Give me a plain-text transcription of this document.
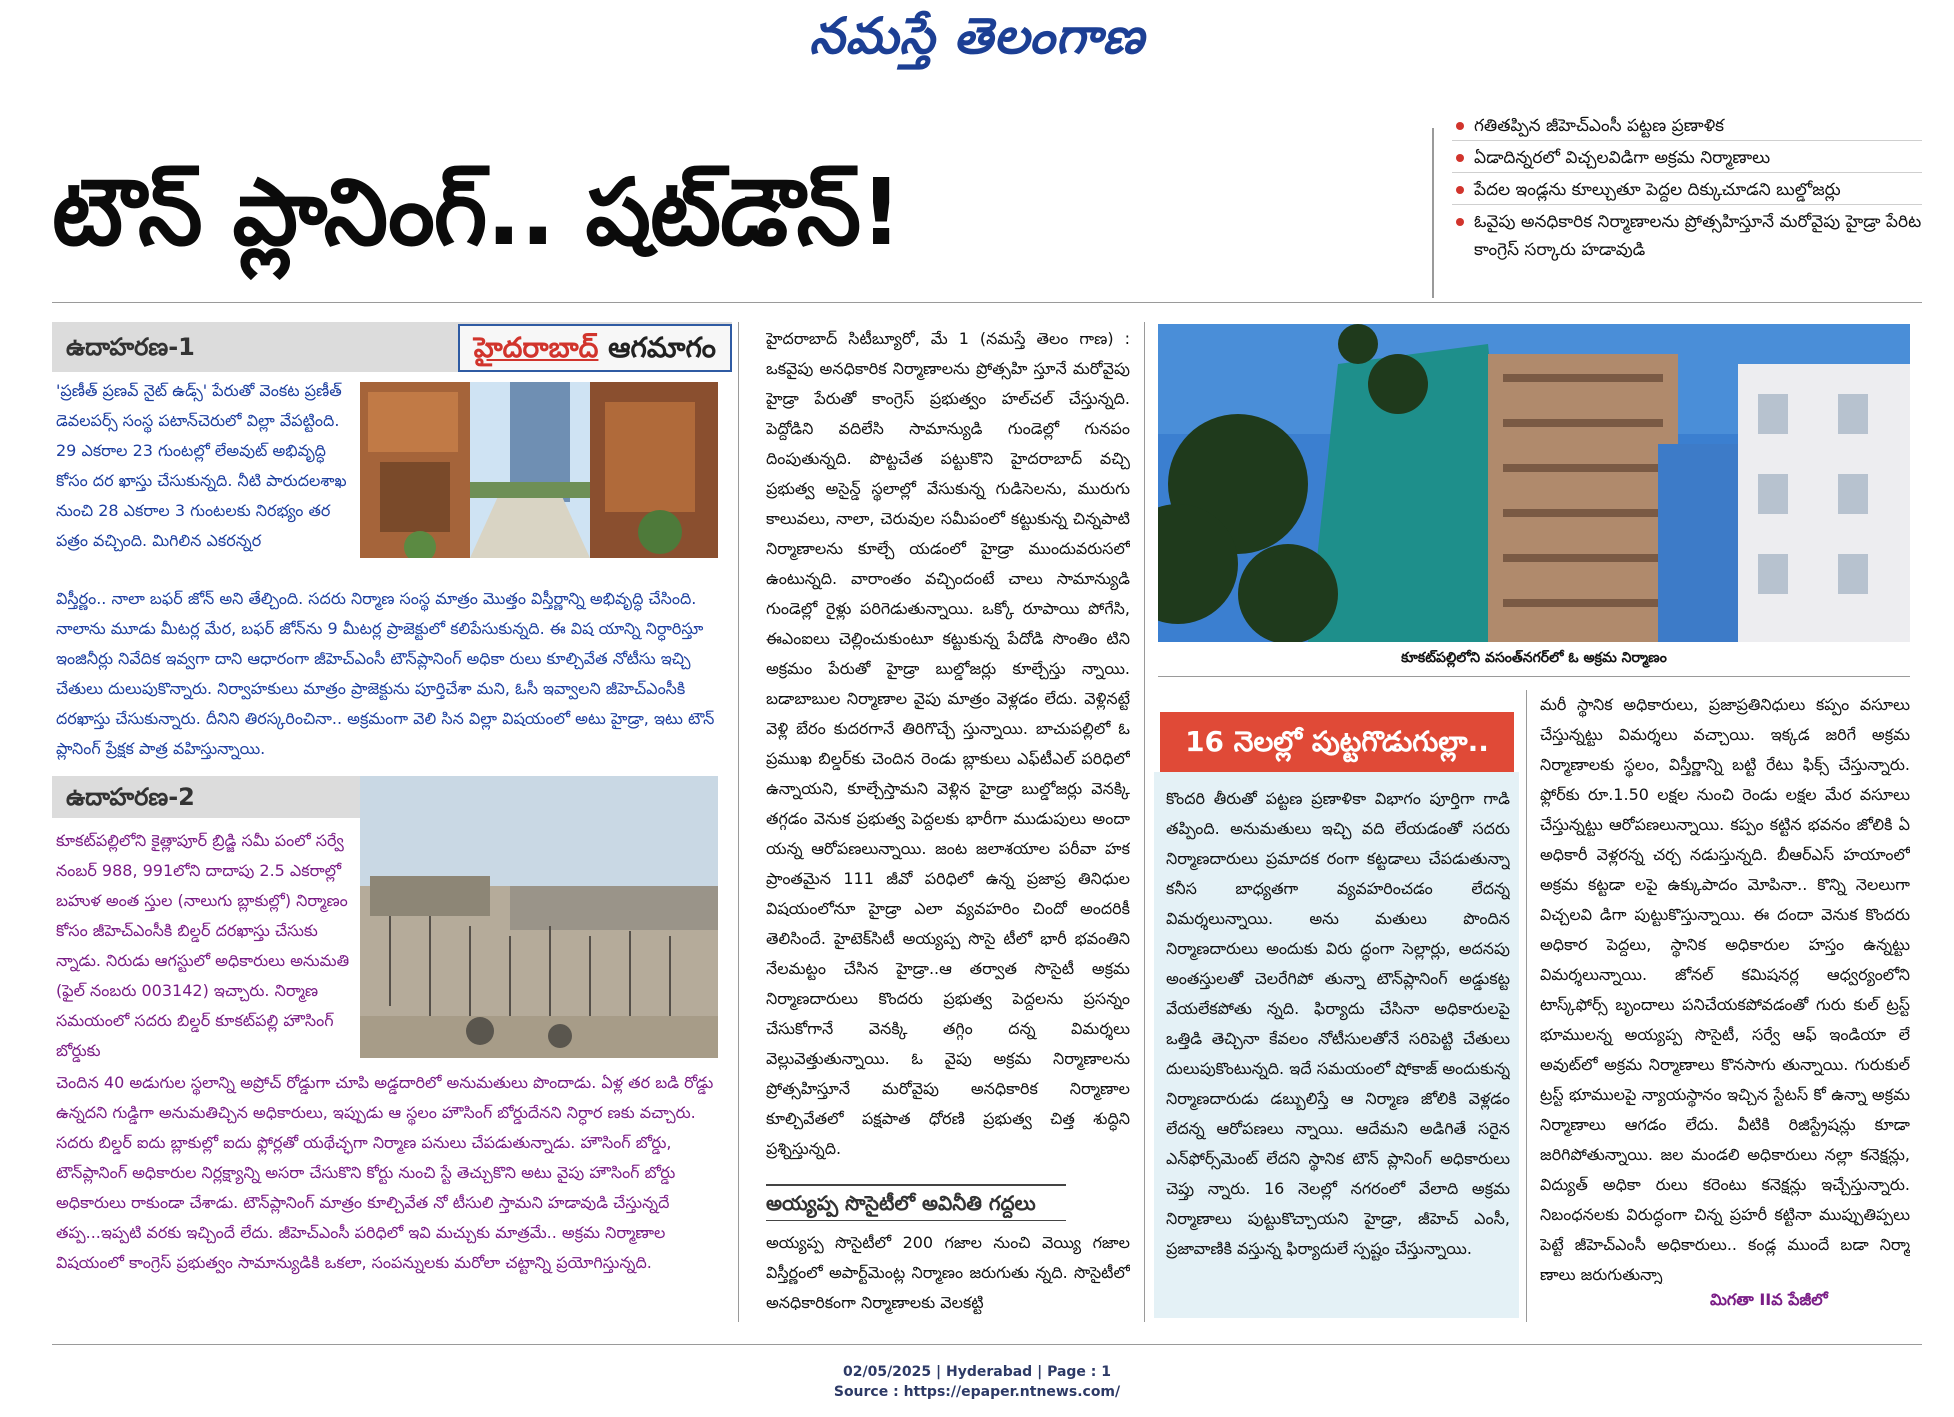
నమస్తే తెలంగాణ
టౌన్ ప్లానింగ్.. షట్‌డౌన్!
గతితప్పిన జీహెచ్ఎంసీ పట్టణ ప్రణాళిక
ఏడాదిన్నరలో విచ్చలవిడిగా అక్రమ నిర్మాణాలు
పేదల ఇండ్లను కూల్చుతూ పెద్దల దిక్కుచూడని బుల్డోజర్లు
ఓవైపు అనధికారిక నిర్మాణాలను ప్రోత్సహిస్తూనే మరోవైపు హైడ్రా పేరిట కాంగ్రెస్ సర్కారు హడావుడి
ఉదాహరణ-1	హైదరాబాద్ ఆగమాగం
'ప్రణీత్ ప్రణవ్ నైట్ ఉడ్స్' పేరుతో వెంకట ప్రణీత్ డెవలపర్స్ సంస్థ పటాన్‌చెరులో విల్లా వేపట్టింది. 29 ఎకరాల 23 గుంటల్లో లేఅవుట్ అభివృద్ధి కోసం దర ఖాస్తు చేసుకున్నది. నీటి పారుదలశాఖ నుంచి 28 ఎకరాల 3 గుంటలకు నిరభ్యం తర పత్రం వచ్చింది. మిగిలిన ఎకరన్నర
విస్తీర్ణం.. నాలా బఫర్ జోన్ అని తేల్చింది. సదరు నిర్మాణ సంస్థ మాత్రం మొత్తం విస్తీర్ణాన్ని అభివృద్ధి చేసింది. నాలాను మూడు మీటర్ల మేర, బఫర్ జోన్‌ను 9 మీటర్ల ప్రాజెక్టులో కలిపేసుకున్నది. ఈ విష యాన్ని నిర్ధారిస్తూ ఇంజినీర్లు నివేదిక ఇవ్వగా దాని ఆధారంగా జీహెచ్ఎంసీ టౌన్‌ప్లానింగ్ అధికా రులు కూల్చివేత నోటీసు ఇచ్చి చేతులు దులుపుకొన్నారు. నిర్వాహకులు మాత్రం ప్రాజెక్టును పూర్తిచేశా మని, ఓసీ ఇవ్వాలని జీహెచ్ఎంసీకి దరఖాస్తు చేసుకున్నారు. దీనిని తిరస్కరించినా.. అక్రమంగా వెలి సిన విల్లా విషయంలో అటు హైడ్రా, ఇటు టౌన్ ప్లానింగ్ ప్రేక్షక పాత్ర వహిస్తున్నాయి.
ఉదాహరణ-2
కూకట్‌పల్లిలోని కైత్లాపూర్ బ్రిడ్జి సమీ పంలో సర్వే నంబర్ 988, 991లోని దాదాపు 2.5 ఎకరాల్లో బహుళ అంత స్తుల (నాలుగు బ్లాకుల్లో) నిర్మాణం కోసం జీహెచ్ఎంసీకి బిల్డర్ దరఖాస్తు చేసుకు న్నాడు. నిరుడు ఆగస్టులో అధికారులు అనుమతి (ఫైల్ నంబరు 003142) ఇచ్చారు. నిర్మాణ సమయంలో సదరు బిల్డర్ కూకట్‌పల్లి హౌసింగ్ బోర్డుకు
చెందిన 40 అడుగుల స్థలాన్ని అప్రోచ్ రోడ్డుగా చూపి అడ్డదారిలో అనుమతులు పొందాడు. ఏళ్ల తర బడి రోడ్డు ఉన్నదని గుడ్డిగా అనుమతిచ్చిన అధికారులు, ఇప్పుడు ఆ స్థలం హౌసింగ్ బోర్డుదేనని నిర్ధార ణకు వచ్చారు. సదరు బిల్డర్ ఐదు బ్లాకుల్లో ఐదు ఫ్లోర్లతో యథేచ్ఛగా నిర్మాణ పనులు చేపడుతున్నాడు. హౌసింగ్ బోర్డు, టౌన్‌ప్లానింగ్ అధికారుల నిర్లక్ష్యాన్ని అసరా చేసుకొని కోర్టు నుంచి స్టే తెచ్చుకొని అటు వైపు హౌసింగ్ బోర్డు అధికారులు రాకుండా చేశాడు. టౌన్‌ప్లానింగ్ మాత్రం కూల్చివేత నో టీసులి స్తామని హడావుడి చేస్తున్నదే తప్ప...ఇప్పటి వరకు ఇచ్చిందే లేదు. జీహెచ్ఎంసీ పరిధిలో ఇవి మచ్చుకు మాత్రమే.. అక్రమ నిర్మాణాల విషయంలో కాంగ్రెస్ ప్రభుత్వం సామాన్యుడికి ఒకలా, సంపన్నులకు మరోలా చట్టాన్ని ప్రయోగిస్తున్నది.
హైదరాబాద్ సిటీబ్యూరో, మే 1 (నమస్తే తెలం గాణ) : ఒకవైపు అనధికారిక నిర్మాణాలను ప్రోత్సహి స్తూనే మరోవైపు హైడ్రా పేరుతో కాంగ్రెస్ ప్రభుత్వం హల్‌చల్ చేస్తున్నది. పెద్దోడిని వదిలేసి సామాన్యుడి గుండెల్లో గునపం దింపుతున్నది. పొట్టచేత పట్టుకొని హైదరాబాద్ వచ్చి ప్రభుత్వ అసైన్డ్ స్థలాల్లో వేసుకున్న గుడిసెలను, మురుగు కాలువలు, నాలా, చెరువుల సమీపంలో కట్టుకున్న చిన్నపాటి నిర్మాణాలను కూల్చే యడంలో హైడ్రా ముందువరుసలో ఉంటున్నది. వారాంతం వచ్చిందంటే చాలు సామాన్యుడి గుండెల్లో రైళ్లు పరిగెడుతున్నాయి. ఒక్కో రూపాయి పోగేసి, ఈఎంఐలు చెల్లించుకుంటూ కట్టుకున్న పేదోడి సొంతిం టిని అక్రమం పేరుతో హైడ్రా బుల్డోజర్లు కూల్చేస్తు న్నాయి. బడాబాబుల నిర్మాణాల వైపు మాత్రం వెళ్లడం లేదు. వెళ్లినట్టే వెళ్లి బేరం కుదరగానే తిరిగొచ్చే స్తున్నాయి. బాచుపల్లిలో ఓ ప్రముఖ బిల్డర్‌కు చెందిన రెండు బ్లాకులు ఎఫ్‌టీఎల్ పరిధిలో ఉన్నాయని, కూల్చేస్తామని వెళ్లిన హైడ్రా బుల్డోజర్లు వెనక్కి తగ్గడం వెనుక ప్రభుత్వ పెద్దలకు భారీగా ముడుపులు అందా యన్న ఆరోపణలున్నాయి. జంట జలాశయాల పరీవా హక ప్రాంతమైన 111 జీవో పరిధిలో ఉన్న ప్రజాప్ర తినిధుల విషయంలోనూ హైడ్రా ఎలా వ్యవహరిం చిందో అందరికీ తెలిసిందే. హైటెక్‌సిటీ అయ్యప్ప సొసై టీలో భారీ భవంతిని నేలమట్టం చేసిన హైడ్రా..ఆ తర్వాత సొసైటీ అక్రమ నిర్మాణదారులు కొందరు ప్రభుత్వ పెద్దలను ప్రసన్నం చేసుకోగానే వెనక్కి తగ్గిం దన్న విమర్శలు వెల్లువెత్తుతున్నాయి. ఓ వైపు అక్రమ నిర్మాణాలను ప్రోత్సహిస్తూనే మరోవైపు అనధికారిక నిర్మాణాల కూల్చివేతలో పక్షపాత ధోరణి ప్రభుత్వ చిత్త శుద్ధిని ప్రశ్నిస్తున్నది.
అయ్యప్ప సొసైటీలో అవినీతి గద్దలు
అయ్యప్ప సొసైటీలో 200 గజాల నుంచి వెయ్యి గజాల విస్తీర్ణంలో అపార్ట్‌మెంట్ల నిర్మాణం జరుగుతు న్నది. సొసైటీలో అనధికారికంగా నిర్మాణాలకు వెలకట్టి
కూకట్‌పల్లిలోని వసంత్‌నగర్‌లో ఓ అక్రమ నిర్మాణం
16 నెలల్లో పుట్టగొడుగుల్లా..
కొందరి తీరుతో పట్టణ ప్రణాళికా విభాగం పూర్తిగా గాడి తప్పింది. అనుమతులు ఇచ్చి వది లేయడంతో సదరు నిర్మాణదారులు ప్రమాదక రంగా కట్టడాలు చేపడుతున్నా కనీస బాధ్యతగా వ్యవహరించడం లేదన్న విమర్శలున్నాయి. అను మతులు పొందిన నిర్మాణదారులు అందుకు విరు ద్ధంగా సెల్లార్లు, అదనపు అంతస్తులతో చెలరేగిపో తున్నా టౌన్‌ప్లానింగ్ అడ్డుకట్ట వేయలేకపోతు న్నది. ఫిర్యాదు చేసినా అధికారులపై ఒత్తిడి తెచ్చినా కేవలం నోటీసులతోనే సరిపెట్టి చేతులు దులుపుకొంటున్నది. ఇదే సమయంలో షోకాజ్ అందుకున్న నిర్మాణదారుడు డబ్బులిస్తే ఆ నిర్మాణ జోలికి వెళ్లడం లేదన్న ఆరోపణలు న్నాయి. ఆదేమని అడిగితే సరైన ఎన్‌ఫోర్స్‌మెంట్ లేదని స్థానిక టౌన్ ప్లానింగ్ అధికారులు చెప్తు న్నారు. 16 నెలల్లో నగరంలో వేలాది అక్రమ నిర్మాణాలు పుట్టుకొచ్చాయని హైడ్రా, జీహెచ్ ఎంసీ, ప్రజావాణికి వస్తున్న ఫిర్యాదులే స్పష్టం చేస్తున్నాయి.
మరీ స్థానిక అధికారులు, ప్రజాప్రతినిధులు కప్పం వసూలు చేస్తున్నట్టు విమర్శలు వచ్చాయి. ఇక్కడ జరిగే అక్రమ నిర్మాణాలకు స్థలం, విస్తీర్ణాన్ని బట్టి రేటు ఫిక్స్ చేస్తున్నారు. ఫ్లోర్‌కు రూ.1.50 లక్షల నుంచి రెండు లక్షల మేర వసూలు చేస్తున్నట్టు ఆరోపణలున్నాయి. కప్పం కట్టిన భవనం జోలికి ఏ అధికారీ వెళ్లరన్న చర్చ నడుస్తున్నది. బీఆర్ఎస్ హయాంలో అక్రమ కట్టడా లపై ఉక్కుపాదం మోపినా.. కొన్ని నెలలుగా విచ్చలవి డిగా పుట్టుకొస్తున్నాయి. ఈ దందా వెనుక కొందరు అధికార పెద్దలు, స్థానిక అధికారుల హస్తం ఉన్నట్టు విమర్శలున్నాయి. జోనల్ కమిషనర్ల ఆధ్వర్యంలోని టాస్క్‌ఫోర్స్ బృందాలు పనిచేయకపోవడంతో గురు కుల్ ట్రస్ట్ భూములన్న అయ్యప్ప సొసైటీ, సర్వే ఆఫ్ ఇండియా లే అవుట్‌లో అక్రమ నిర్మాణాలు కొనసాగు తున్నాయి. గురుకుల్ ట్రస్ట్ భూములపై న్యాయస్థానం ఇచ్చిన స్టేటస్ కో ఉన్నా అక్రమ నిర్మాణాలు ఆగడం లేదు. వీటికి రిజిస్ట్రేషన్లు కూడా జరిగిపోతున్నాయి. జల మండలి అధికారులు నల్లా కనెక్షన్లు, విద్యుత్ అధికా రులు కరెంటు కనెక్షన్లు ఇచ్చేస్తున్నారు. నిబంధనలకు విరుద్ధంగా చిన్న ప్రహరీ కట్టినా ముప్పుతిప్పలు పెట్టే జీహెచ్ఎంసీ అధికారులు.. కండ్ల ముందే బడా నిర్మా ణాలు జరుగుతున్నా
మిగతా IIవ పేజీలో
02/05/2025 | Hyderabad | Page : 1
Source : https://epaper.ntnews.com/
